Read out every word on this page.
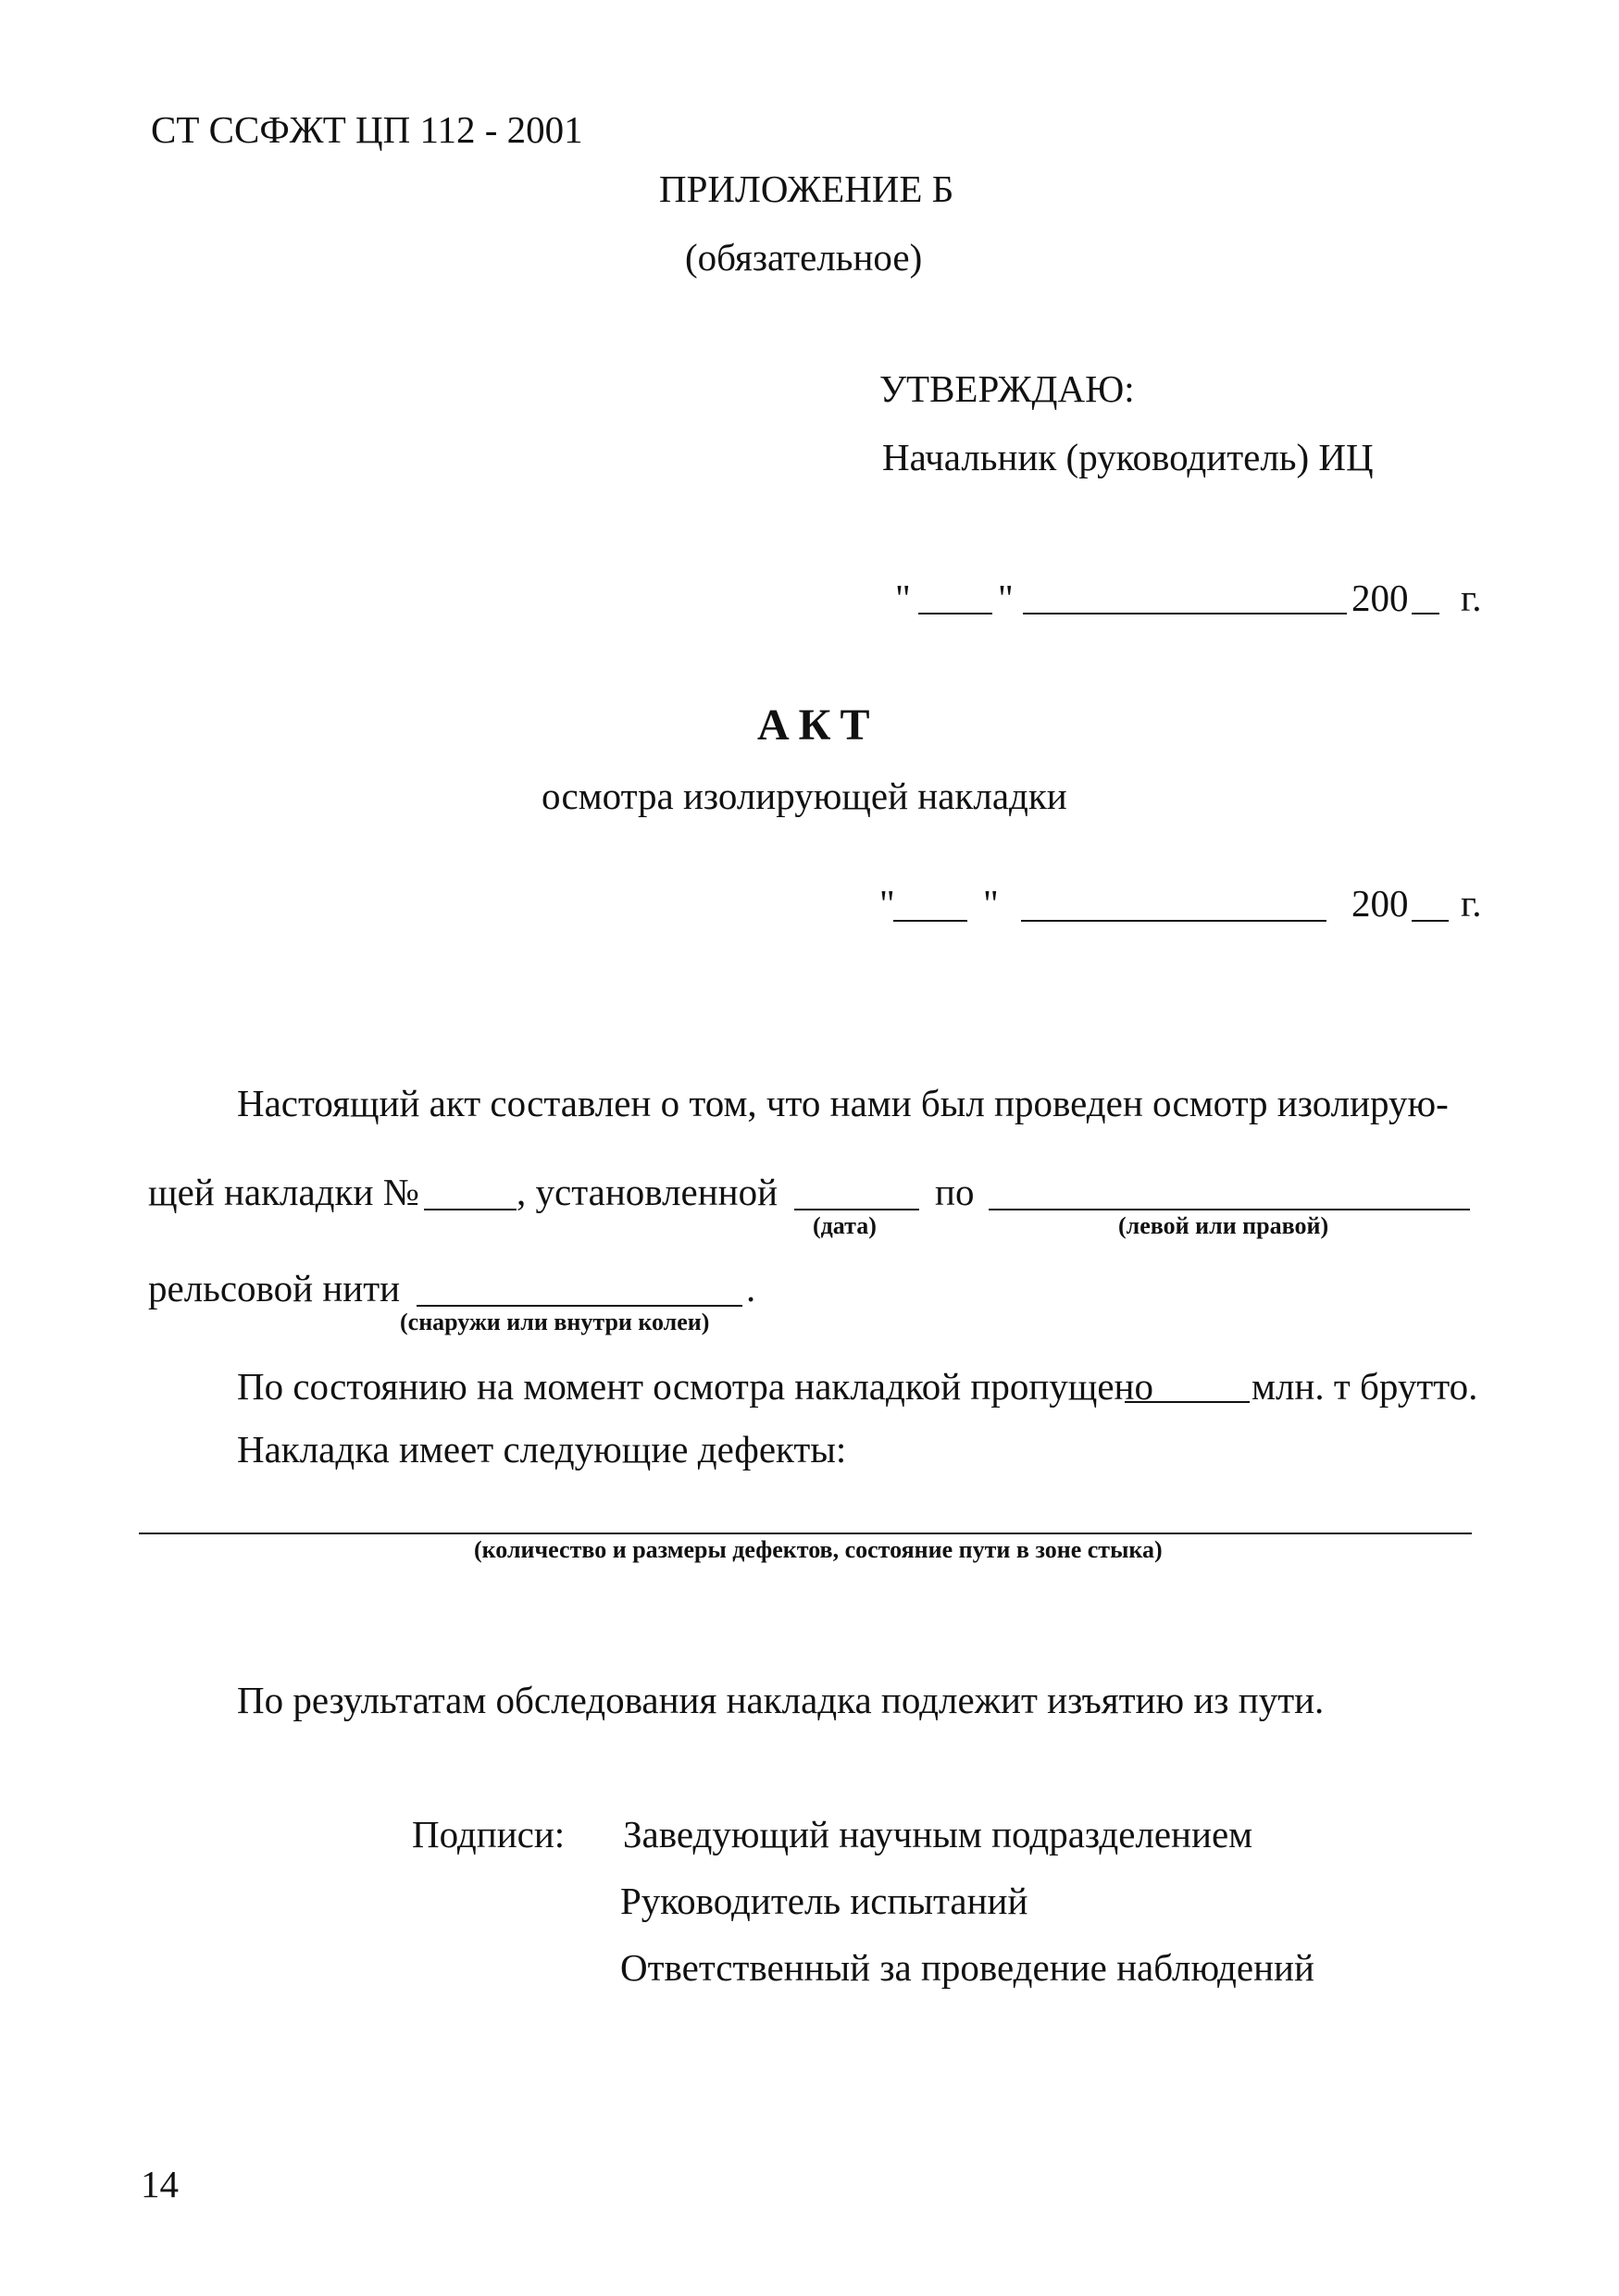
СТ ССФЖТ ЦП 112 - 2001
ПРИЛОЖЕНИЕ Б
(обязательное)
УТВЕРЖДАЮ:
Начальник (руководитель) ИЦ
" "	200 г.
АКТ
осмотра изолирующей накладки
" "	200 г.
Настоящий акт составлен о том, что нами был проведен осмотр изолирую-
щей накладки №	, установленной
(дата)
по
(левой или правой)
рельсовой нити	.
(снаружи или внутри колеи)
По состоянию на момент осмотра накладкой пропущено	млн. т брутто.
Накладка имеет следующие дефекты:
(количество и размеры дефектов, состояние пути в зоне стыка)
По результатам обследования накладка подлежит изъятию из пути.
Подписи: Заведующий научным подразделением
Руководитель испытаний
Ответственный за проведение наблюдений
14
